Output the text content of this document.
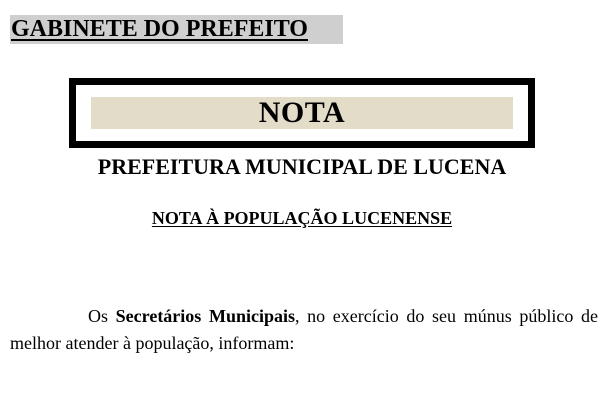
GABINETE DO PREFEITO
NOTA
PREFEITURA MUNICIPAL DE LUCENA
NOTA À POPULAÇÃO LUCENENSE

Os Secretários Municipais, no exercício do seu múnus público de melhor atender à população, informam:
